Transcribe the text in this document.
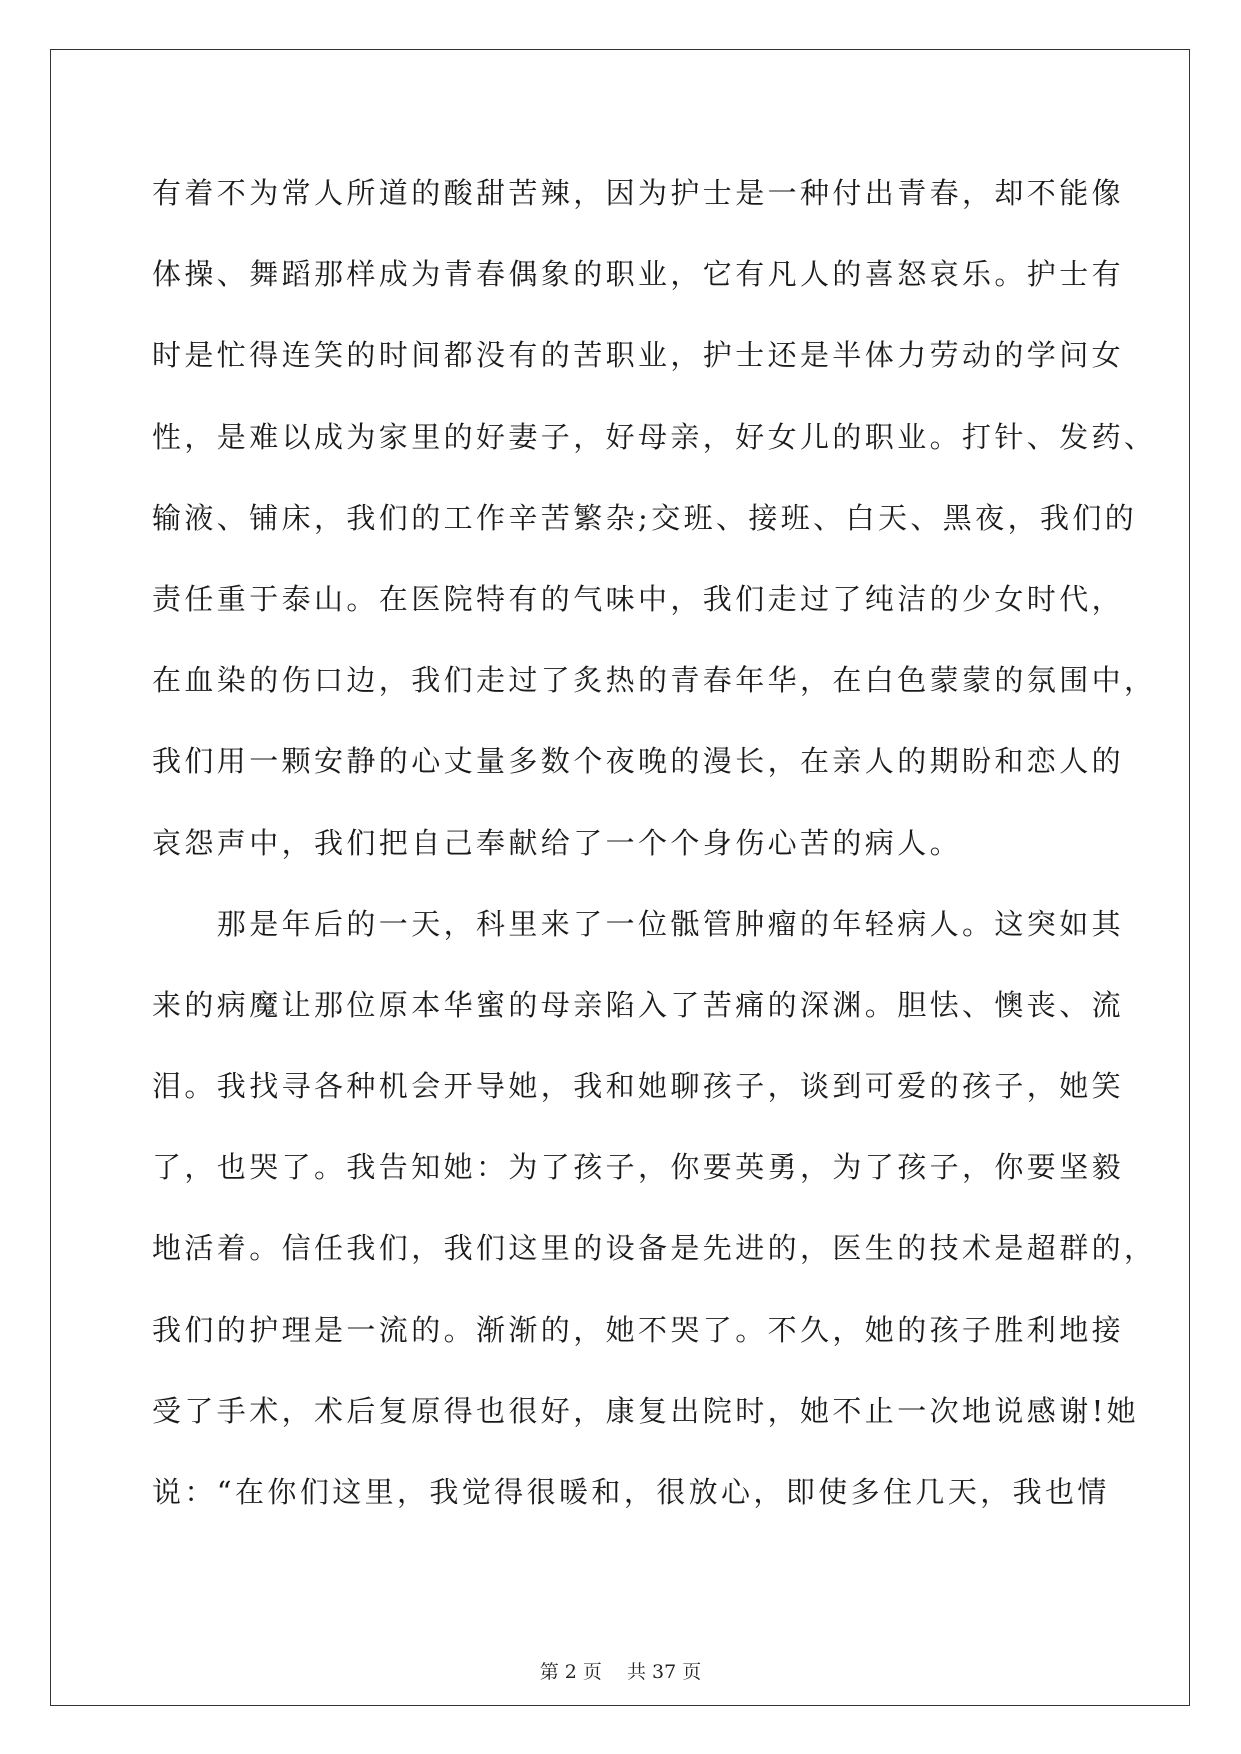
有着不为常人所道的酸甜苦辣，因为护士是一种付出青春，却不能像
体操、舞蹈那样成为青春偶象的职业，它有凡人的喜怒哀乐。护士有
时是忙得连笑的时间都没有的苦职业，护士还是半体力劳动的学问女
性，是难以成为家里的好妻子，好母亲，好女儿的职业。打针、发药、
输液、铺床，我们的工作辛苦繁杂;交班、接班、白天、黑夜，我们的
责任重于泰山。在医院特有的气味中，我们走过了纯洁的少女时代，
在血染的伤口边，我们走过了炙热的青春年华，在白色蒙蒙的氛围中，
我们用一颗安静的心丈量多数个夜晚的漫长，在亲人的期盼和恋人的
哀怨声中，我们把自己奉献给了一个个身伤心苦的病人。
　　那是年后的一天，科里来了一位骶管肿瘤的年轻病人。这突如其
来的病魔让那位原本华蜜的母亲陷入了苦痛的深渊。胆怯、懊丧、流
泪。我找寻各种机会开导她，我和她聊孩子，谈到可爱的孩子，她笑
了，也哭了。我告知她：为了孩子，你要英勇，为了孩子，你要坚毅
地活着。信任我们，我们这里的设备是先进的，医生的技术是超群的，
我们的护理是一流的。渐渐的，她不哭了。不久，她的孩子胜利地接
受了手术，术后复原得也很好，康复出院时，她不止一次地说感谢!她
说：“在你们这里，我觉得很暖和，很放心，即使多住几天，我也情
第 2 页　 共 37 页
